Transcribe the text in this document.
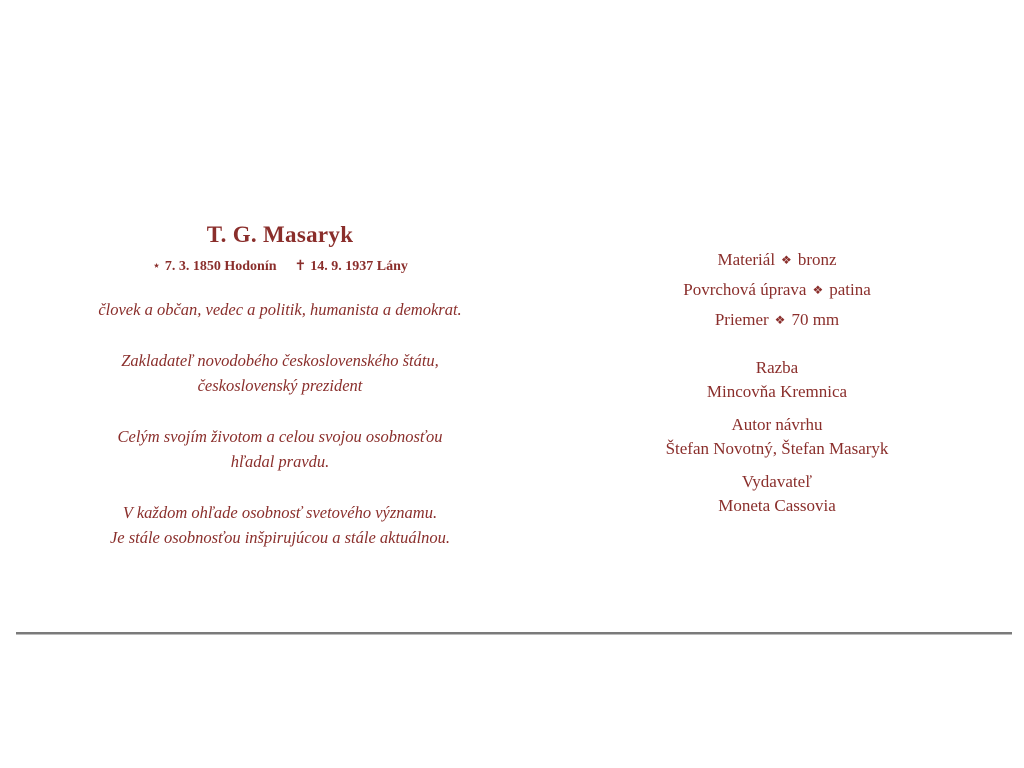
T. G. Masaryk
⋆ 7. 3. 1850 Hodonín ✝ 14. 9. 1937 Lány
človek a občan, vedec a politik, humanista a demokrat.
Zakladateľ novodobého československého štátu,
československý prezident
Celým svojím životom a celou svojou osobnosťou
hľadal pravdu.
V každom ohľade osobnosť svetového významu.
Je stále osobnosťou inšpirujúcou a stále aktuálnou.
Materiál ❖ bronz
Povrchová úprava ❖ patina
Priemer ❖ 70 mm
Razba
Mincovňa Kremnica
Autor návrhu
Štefan Novotný, Štefan Masaryk
Vydavateľ
Moneta Cassovia
